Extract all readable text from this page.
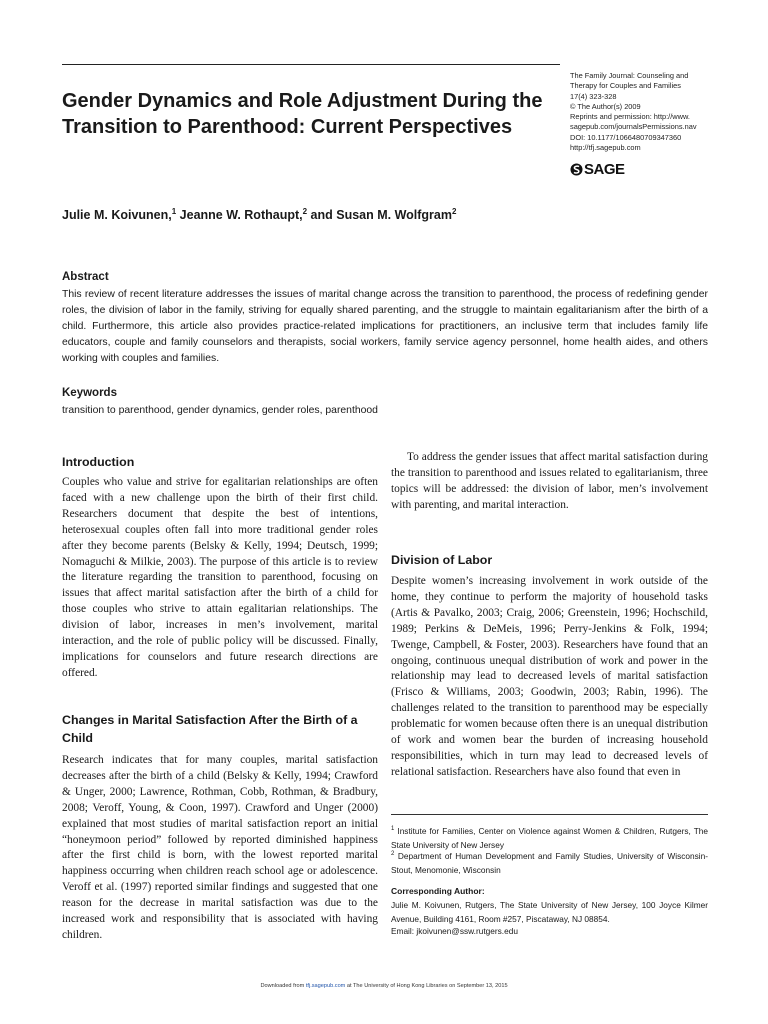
Gender Dynamics and Role Adjustment During the Transition to Parenthood: Current Perspectives
The Family Journal: Counseling and
Therapy for Couples and Families
17(4) 323-328
© The Author(s) 2009
Reprints and permission: http://www.
sagepub.com/journalsPermissions.nav
DOI: 10.1177/1066480709347360
http://tfj.sagepub.com
SAGE

Julie M. Koivunen,$^1$ Jeanne W. Rothaupt,$^2$ and Susan M. Wolfgram$^2$

Abstract

This review of recent literature addresses the issues of marital change across the transition to parenthood, the process of redefining gender roles, the division of labor in the family, striving for equally shared parenting, and the struggle to maintain egalitarianism after the birth of a child. Furthermore, this article also provides practice-related implications for practitioners, an inclusive term that includes family life educators, couple and family counselors and therapists, social workers, family service agency personnel, home health aides, and others working with couples and families.

Keywords

transition to parenthood, gender dynamics, gender roles, parenthood

Introduction

Couples who value and strive for egalitarian relationships are often faced with a new challenge upon the birth of their first child. Researchers document that despite the best of intentions, heterosexual couples often fall into more traditional gender roles after they become parents (Belsky & Kelly, 1994; Deutsch, 1999; Nomaguchi & Milkie, 2003). The purpose of this article is to review the literature regarding the transition to parenthood, focusing on issues that affect marital satisfaction after the birth of a child for those couples who strive to attain egalitarian relationships. The division of labor, increases in men’s involvement, marital interaction, and the role of public policy will be discussed. Finally, implications for counselors and future research directions are offered.

Changes in Marital Satisfaction After the Birth of a Child

Research indicates that for many couples, marital satisfaction decreases after the birth of a child (Belsky & Kelly, 1994; Crawford & Unger, 2000; Lawrence, Rothman, Cobb, Rothman, & Bradbury, 2008; Veroff, Young, & Coon, 1997). Crawford and Unger (2000) explained that most studies of marital satisfaction report an initial “honeymoon period” followed by reported diminished happiness after the first child is born, with the lowest reported marital happiness occurring when children reach school age or adolescence. Veroff et al. (1997) reported similar findings and suggested that one reason for the decrease in marital satisfaction was due to the increased work and responsibility that is associated with having children.

To address the gender issues that affect marital satisfaction during the transition to parenthood and issues related to egalitarianism, three topics will be addressed: the division of labor, men’s involvement with parenting, and marital interaction.

Division of Labor

Despite women’s increasing involvement in work outside of the home, they continue to perform the majority of household tasks (Artis & Pavalko, 2003; Craig, 2006; Greenstein, 1996; Hochschild, 1989; Perkins & DeMeis, 1996; Perry-Jenkins & Folk, 1994; Twenge, Campbell, & Foster, 2003). Researchers have found that an ongoing, continuous unequal distribution of work and power in the relationship may lead to decreased levels of marital satisfaction (Frisco & Williams, 2003; Goodwin, 2003; Rabin, 1996). The challenges related to the transition to parenthood may be especially problematic for women because often there is an unequal distribution of work and women bear the burden of increasing household responsibilities, which in turn may lead to decreased levels of relational satisfaction. Researchers have also found that even in

$^1$ Institute for Families, Center on Violence against Women & Children, Rutgers, The State University of New Jersey

$^2$ Department of Human Development and Family Studies, University of Wisconsin-Stout, Menomonie, Wisconsin

Corresponding Author:

Julie M. Koivunen, Rutgers, The State University of New Jersey, 100 Joyce Kilmer Avenue, Building 4161, Room #257, Piscataway, NJ 08854.

Email: jkoivunen@ssw.rutgers.edu

Downloaded from tfj.sagepub.com at The University of Hong Kong Libraries on September 13, 2015
